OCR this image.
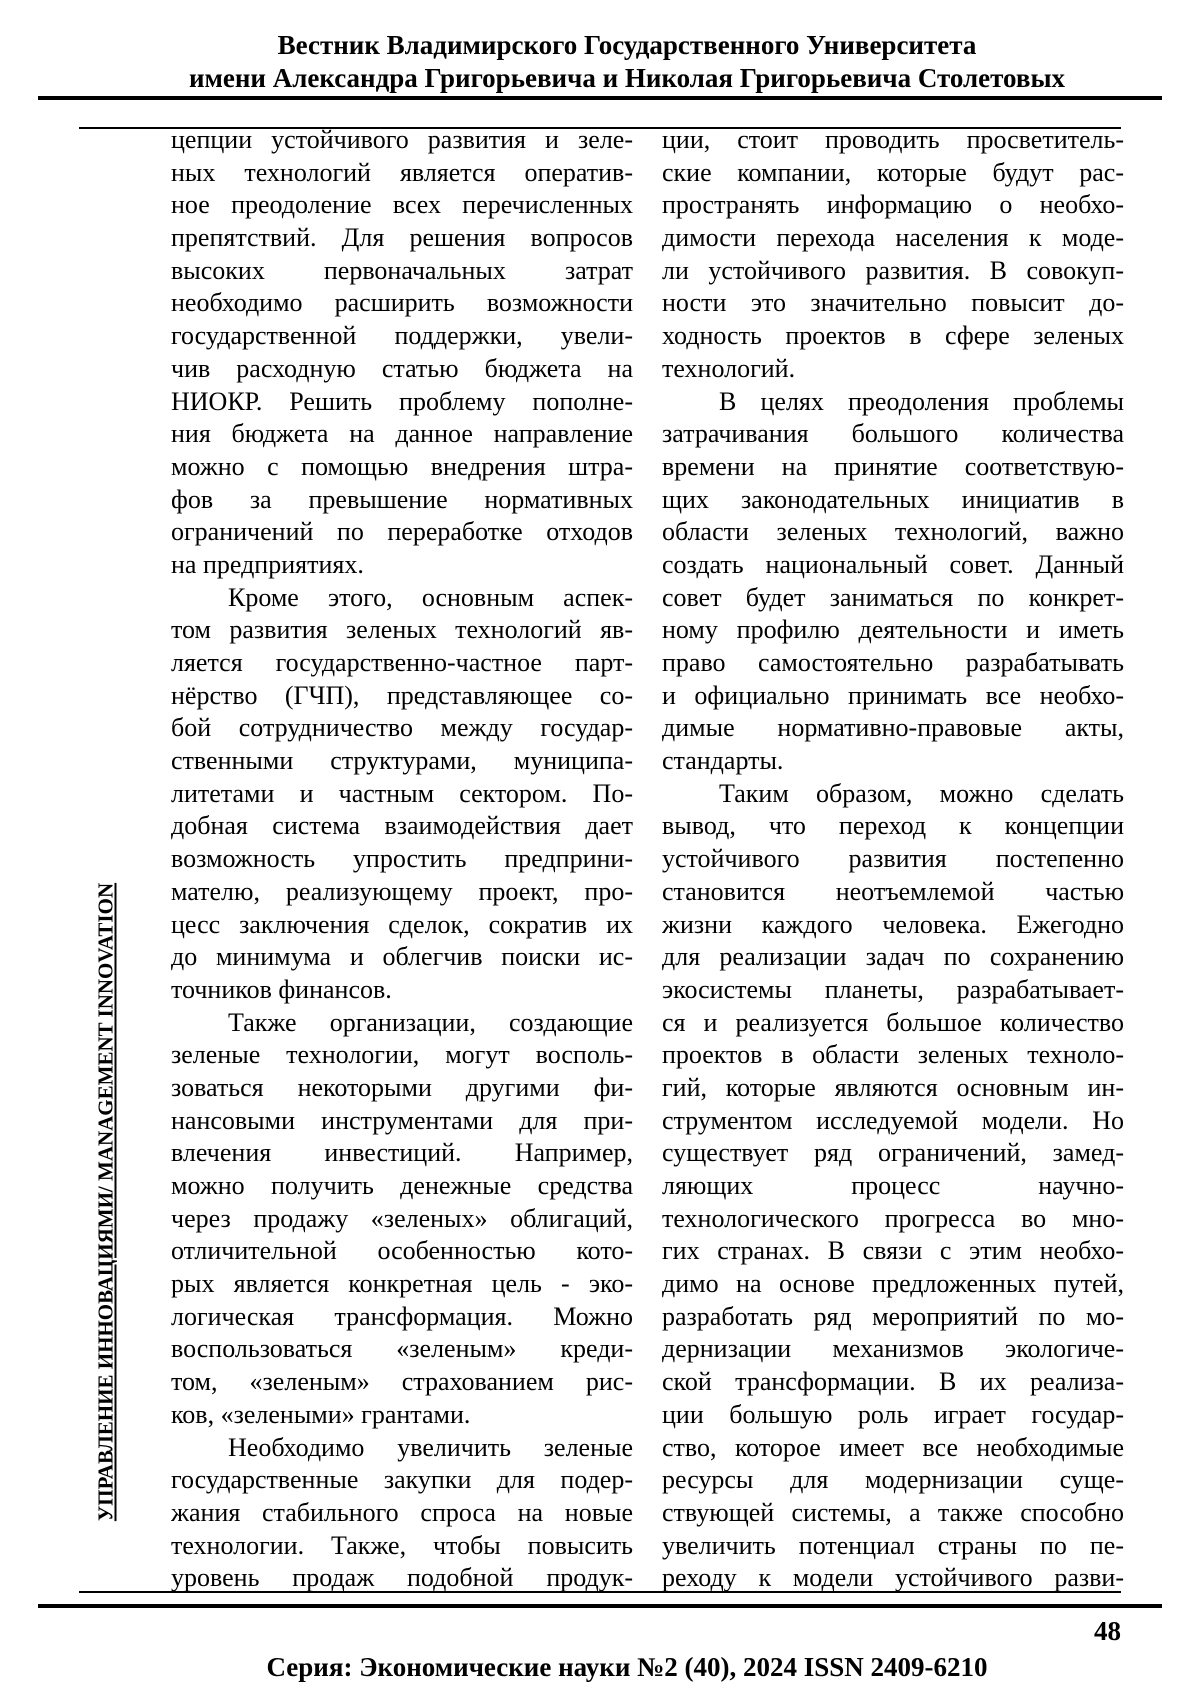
Вестник Владимирского Государственного Университета
имени Александра Григорьевича и Николая Григорьевича Столетовых
УПРАВЛЕНИЕ ИННОВАЦИЯМИ/ MANAGEMENT INNOVATION
цепции устойчивого развития и зеле-
ных технологий является оператив-
ное преодоление всех перечисленных
препятствий. Для решения вопросов
высоких первоначальных затрат
необходимо расширить возможности
государственной поддержки, увели-
чив расходную статью бюджета на
НИОКР. Решить проблему пополне-
ния бюджета на данное направление
можно с помощью внедрения штра-
фов за превышение нормативных
ограничений по переработке отходов
на предприятиях.
Кроме этого, основным аспек-
том развития зеленых технологий яв-
ляется государственно-частное парт-
нёрство (ГЧП), представляющее со-
бой сотрудничество между государ-
ственными структурами, муниципа-
литетами и частным сектором. По-
добная система взаимодействия дает
возможность упростить предприни-
мателю, реализующему проект, про-
цесс заключения сделок, сократив их
до минимума и облегчив поиски ис-
точников финансов.
Также организации, создающие
зеленые технологии, могут восполь-
зоваться некоторыми другими фи-
нансовыми инструментами для при-
влечения инвестиций. Например,
можно получить денежные средства
через продажу «зеленых» облигаций,
отличительной особенностью кото-
рых является конкретная цель - эко-
логическая трансформация. Можно
воспользоваться «зеленым» креди-
том, «зеленым» страхованием рис-
ков, «зелеными» грантами.
Необходимо увеличить зеленые
государственные закупки для подер-
жания стабильного спроса на новые
технологии. Также, чтобы повысить
уровень продаж подобной продук-
ции, стоит проводить просветитель-
ские компании, которые будут рас-
пространять информацию о необхо-
димости перехода населения к моде-
ли устойчивого развития. В совокуп-
ности это значительно повысит до-
ходность проектов в сфере зеленых
технологий.
В целях преодоления проблемы
затрачивания большого количества
времени на принятие соответствую-
щих законодательных инициатив в
области зеленых технологий, важно
создать национальный совет. Данный
совет будет заниматься по конкрет-
ному профилю деятельности и иметь
право самостоятельно разрабатывать
и официально принимать все необхо-
димые нормативно-правовые акты,
стандарты.
Таким образом, можно сделать
вывод, что переход к концепции
устойчивого развития постепенно
становится неотъемлемой частью
жизни каждого человека. Ежегодно
для реализации задач по сохранению
экосистемы планеты, разрабатывает-
ся и реализуется большое количество
проектов в области зеленых техноло-
гий, которые являются основным ин-
струментом исследуемой модели. Но
существует ряд ограничений, замед-
ляющих процесс научно-
технологического прогресса во мно-
гих странах. В связи с этим необхо-
димо на основе предложенных путей,
разработать ряд мероприятий по мо-
дернизации механизмов экологиче-
ской трансформации. В их реализа-
ции большую роль играет государ-
ство, которое имеет все необходимые
ресурсы для модернизации суще-
ствующей системы, а также способно
увеличить потенциал страны по пе-
реходу к модели устойчивого разви-
48
Серия: Экономические науки №2 (40), 2024 ISSN 2409-6210
